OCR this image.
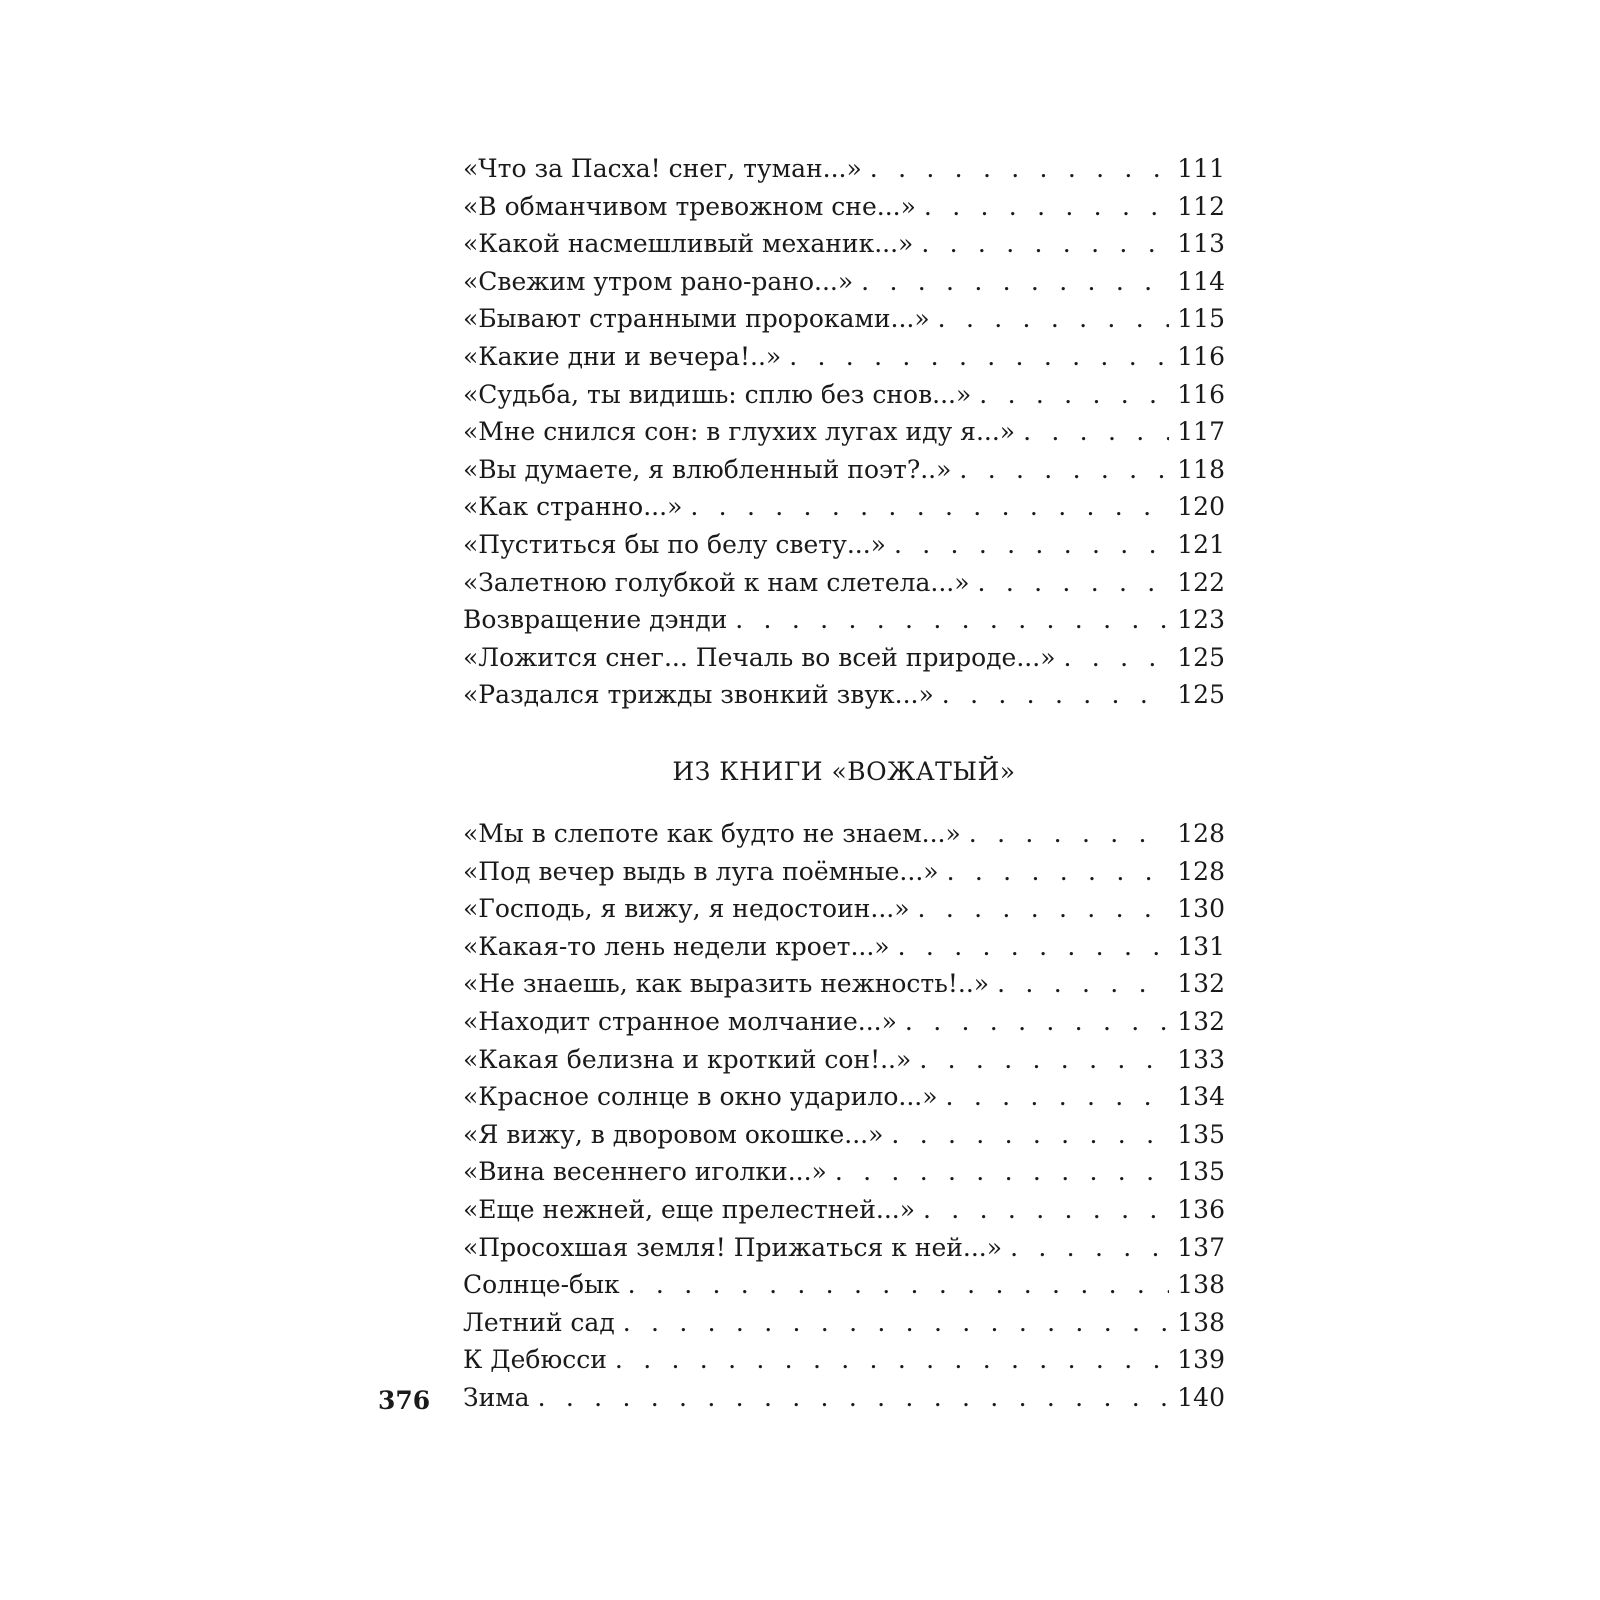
«Что за Пасха! снег, туман...» . . .	111
«В обманчивом тревожном сне...» . . .	112
«Какой насмешливый механик...» . . .	113
«Свежим утром рано-рано...» . . .	114
«Бывают странными пророками...» . . .	115
«Какие дни и вечера!..» . . .	116
«Судьба, ты видишь: сплю без снов...» . . .	116
«Мне снился сон: в глухих лугах иду я...» . . .	117
«Вы думаете, я влюбленный поэт?..» . . .	118
«Как странно...» . . .	120
«Пуститься бы по белу свету...» . . .	121
«Залетною голубкой к нам слетела...» . . .	122
Возвращение дэнди . . .	123
«Ложится снег... Печаль во всей природе...» . . .	125
«Раздался трижды звонкий звук...» . . .	125
ИЗ КНИГИ «ВОЖАТЫЙ»
«Мы в слепоте как будто не знаем...» . . .	128
«Под вечер выдь в луга поёмные...» . . .	128
«Господь, я вижу, я недостоин...» . . .	130
«Какая-то лень недели кроет...» . . .	131
«Не знаешь, как выразить нежность!..» . . .	132
«Находит странное молчание...» . . .	132
«Какая белизна и кроткий сон!..» . . .	133
«Красное солнце в окно ударило...» . . .	134
«Я вижу, в дворовом окошке...» . . .	135
«Вина весеннего иголки...» . . .	135
«Еще нежней, еще прелестней...» . . .	136
«Просохшая земля! Прижаться к ней...» . . .	137
Солнце-бык . . .	138
Летний сад . . .	138
К Дебюсси . . .	139
Зима . . .	140
376
